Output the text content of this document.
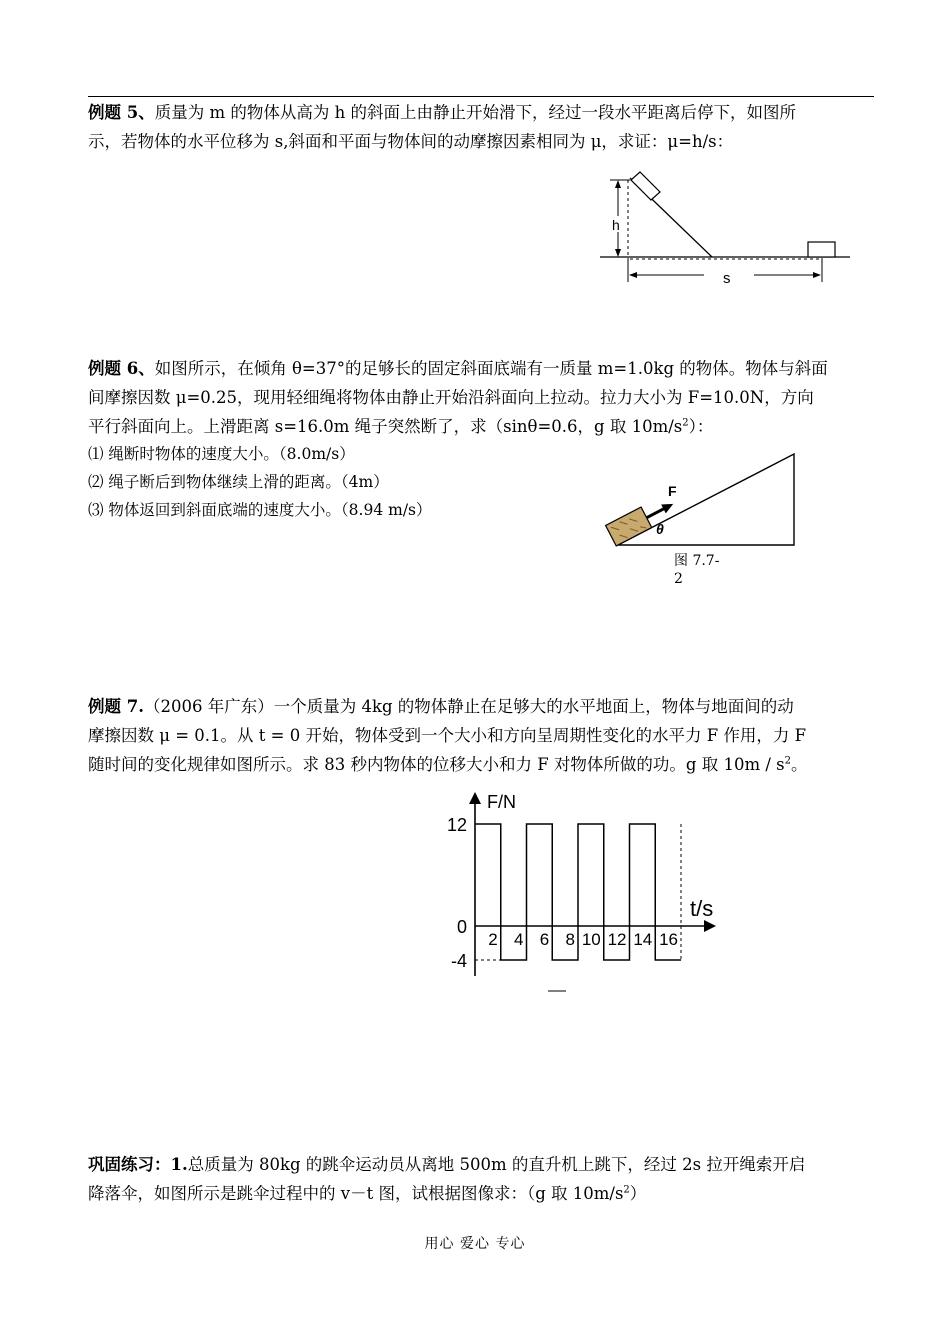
例题 5、质量为 m 的物体从高为 h 的斜面上由静止开始滑下，经过一段水平距离后停下，如图所
示，若物体的水平位移为 s,斜面和平面与物体间的动摩擦因素相同为 μ，求证：μ=h/s：
h
s
例题 6、如图所示，在倾角 θ=37°的足够长的固定斜面底端有一质量 m=1.0kg 的物体。物体与斜面
间摩擦因数 μ=0.25，现用轻细绳将物体由静止开始沿斜面向上拉动。拉力大小为 F=10.0N，方向
平行斜面向上。上滑距离 s=16.0m 绳子突然断了，求（sinθ=0.6，g 取 $10m/s^2$）：
⑴ 绳断时物体的速度大小。（8.0m/s）
⑵ 绳子断后到物体继续上滑的距离。（4m）
⑶ 物体返回到斜面底端的速度大小。（8.94 m/s）
F
θ
图 7.7-
2
例题 7.（2006 年广东）一个质量为 4kg 的物体静止在足够大的水平地面上，物体与地面间的动
摩擦因数 μ = 0.1。从 t = 0 开始，物体受到一个大小和方向呈周期性变化的水平力 F 作用，力 F
随时间的变化规律如图所示。求 83 秒内物体的位移大小和力 F 对物体所做的功。g 取 $10m / s^2$。
F/N
t/s
2 4 6 8 10 12 14 16
12
0
-4
巩固练习：1.总质量为 80kg 的跳伞运动员从离地 500m 的直升机上跳下，经过 2s 拉开绳索开启
降落伞，如图所示是跳伞过程中的 v－t 图，试根据图像求：（g 取 $10m/s^2$）
用心 爱心 专心
